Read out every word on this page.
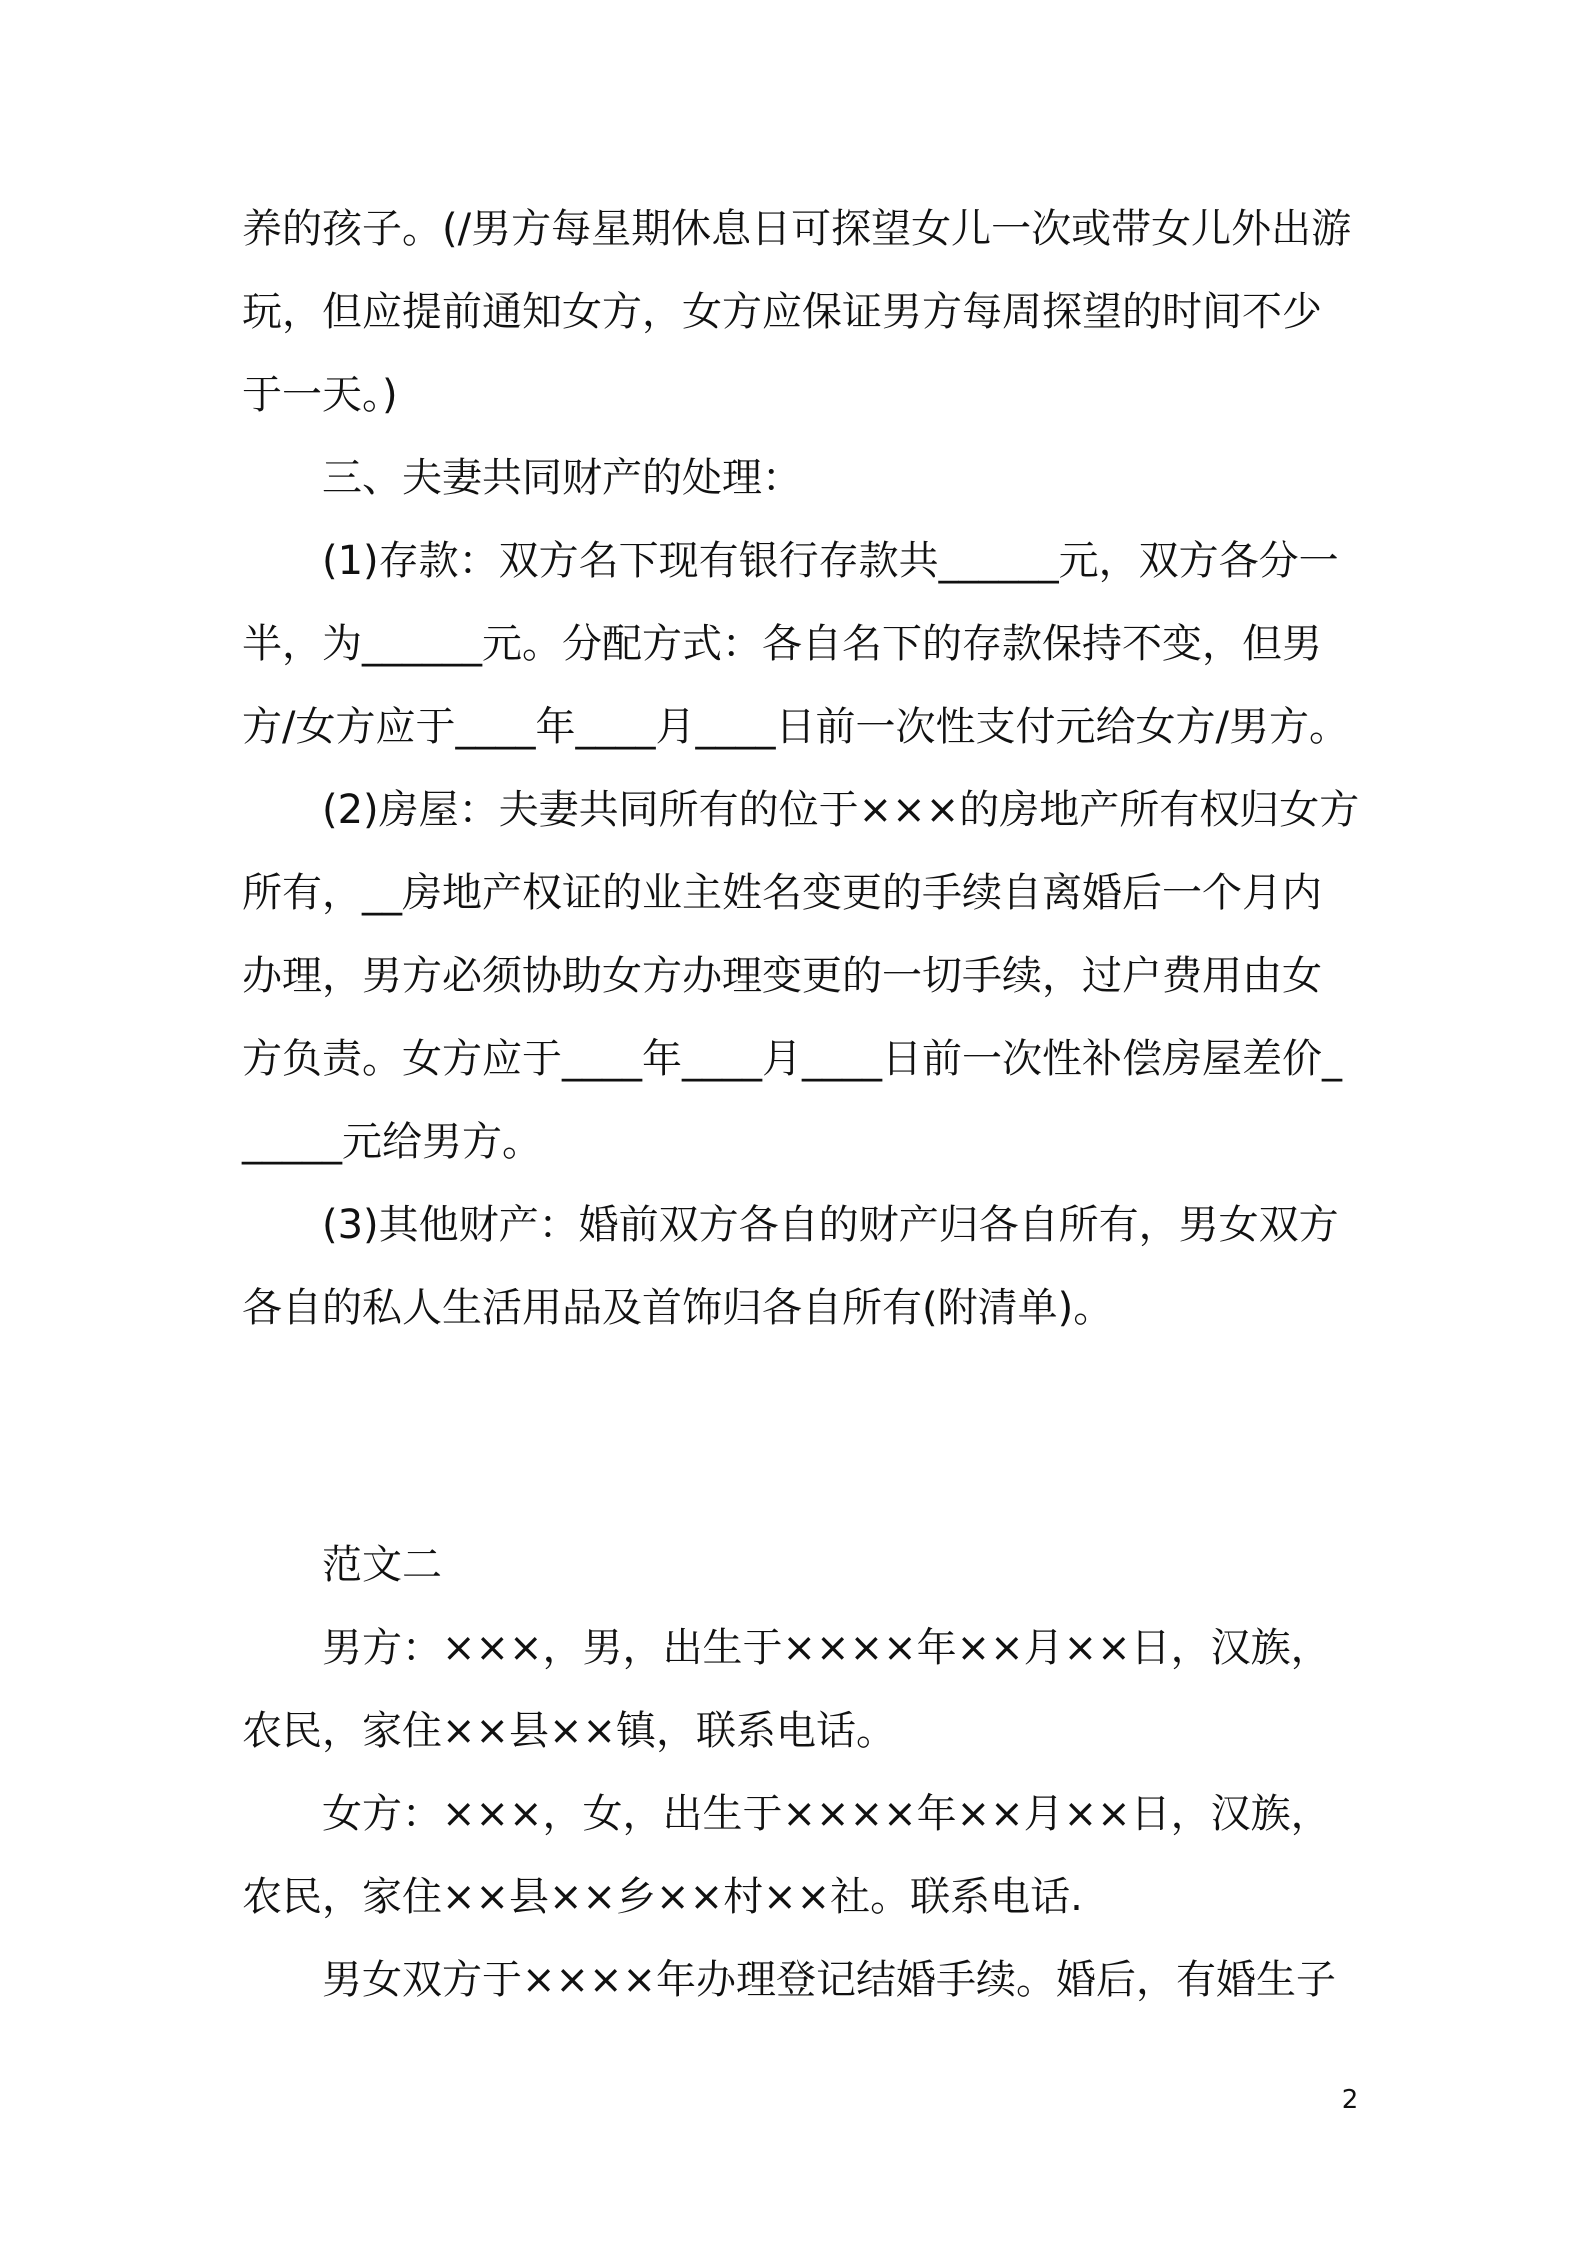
养的孩子。(/男方每星期休息日可探望女儿一次或带女儿外出游玩，但应提前通知女方，女方应保证男方每周探望的时间不少于一天。)

三、夫妻共同财产的处理：

(1)存款：双方名下现有银行存款共______元，双方各分一半，为______元。分配方式：各自名下的存款保持不变，但男方/女方应于____年____月____日前一次性支付元给女方/男方。

(2)房屋：夫妻共同所有的位于×××的房地产所有权归女方所有，__房地产权证的业主姓名变更的手续自离婚后一个月内办理，男方必须协助女方办理变更的一切手续，过户费用由女方负责。女方应于____年____月____日前一次性补偿房屋差价______元给男方。

(3)其他财产：婚前双方各自的财产归各自所有，男女双方各自的私人生活用品及首饰归各自所有(附清单)。

范文二

男方：×××，男，出生于××××年××月××日，汉族，农民，家住××县××镇，联系电话。

女方：×××，女，出生于××××年××月××日，汉族，农民，家住××县××乡××村××社。联系电话.

男女双方于××××年办理登记结婚手续。婚后，有婚生子

2
